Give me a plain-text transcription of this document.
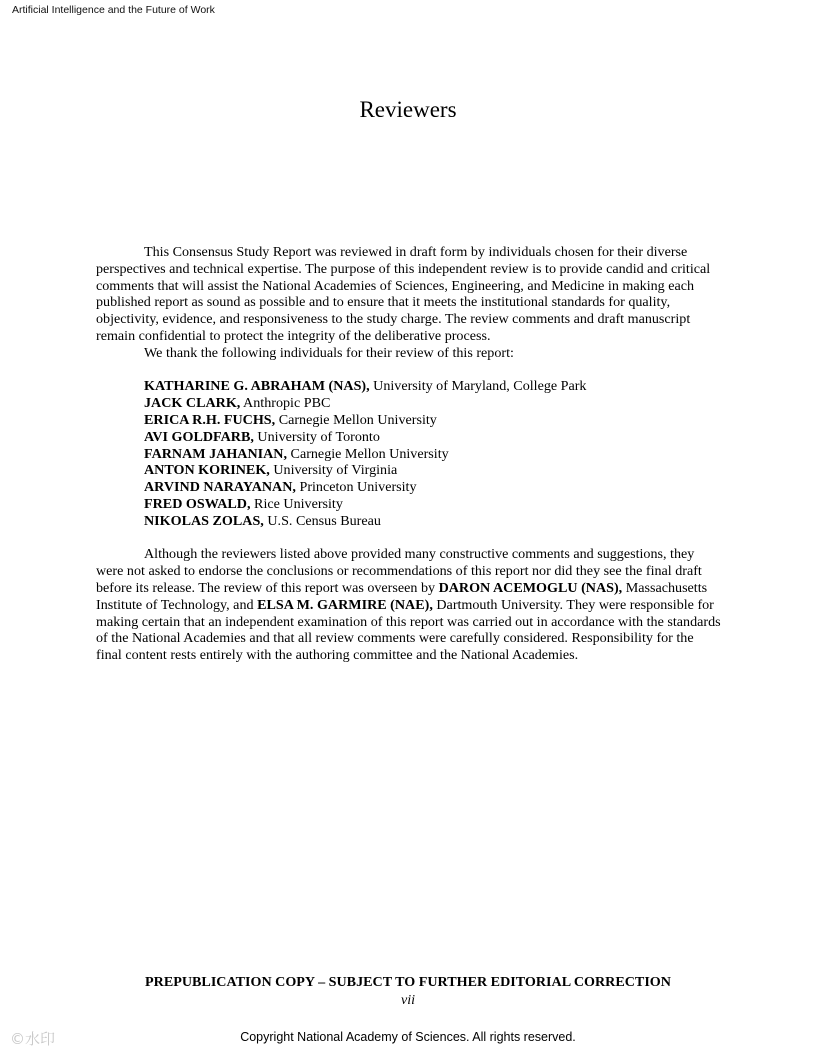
Artificial Intelligence and the Future of Work
Reviewers

This Consensus Study Report was reviewed in draft form by individuals chosen for their diverse perspectives and technical expertise. The purpose of this independent review is to provide candid and critical comments that will assist the National Academies of Sciences, Engineering, and Medicine in making each published report as sound as possible and to ensure that it meets the institutional standards for quality, objectivity, evidence, and responsiveness to the study charge. The review comments and draft manuscript remain confidential to protect the integrity of the deliberative process.

We thank the following individuals for their review of this report:

KATHARINE G. ABRAHAM (NAS), University of Maryland, College Park
JACK CLARK, Anthropic PBC
ERICA R.H. FUCHS, Carnegie Mellon University
AVI GOLDFARB, University of Toronto
FARNAM JAHANIAN, Carnegie Mellon University
ANTON KORINEK, University of Virginia
ARVIND NARAYANAN, Princeton University
FRED OSWALD, Rice University
NIKOLAS ZOLAS, U.S. Census Bureau

Although the reviewers listed above provided many constructive comments and suggestions, they were not asked to endorse the conclusions or recommendations of this report nor did they see the final draft before its release. The review of this report was overseen by DARON ACEMOGLU (NAS), Massachusetts Institute of Technology, and ELSA M. GARMIRE (NAE), Dartmouth University. They were responsible for making certain that an independent examination of this report was carried out in accordance with the standards of the National Academies and that all review comments were carefully considered. Responsibility for the final content rests entirely with the authoring committee and the National Academies.

PREPUBLICATION COPY – SUBJECT TO FURTHER EDITORIAL CORRECTION
vii
Copyright National Academy of Sciences. All rights reserved.
©水印
